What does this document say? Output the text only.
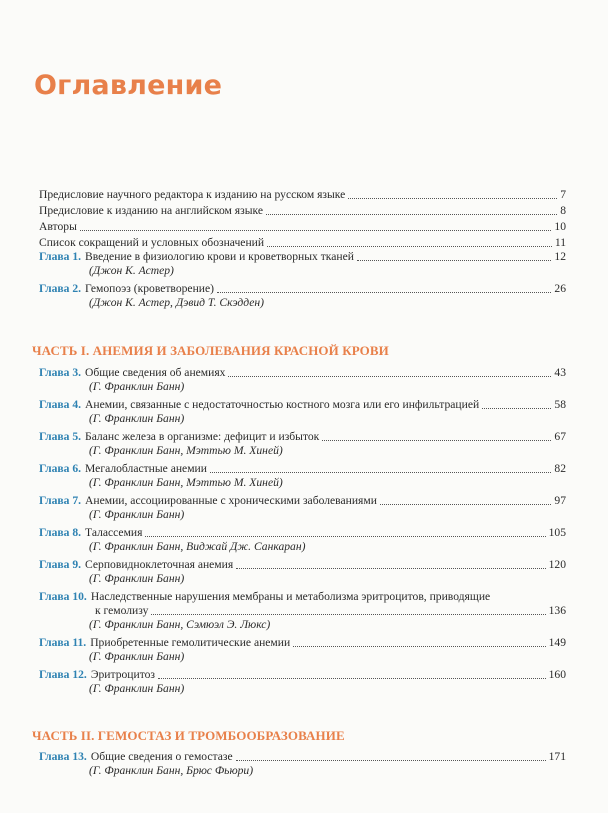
Оглавление
Предисловие научного редактора к изданию на русском языке	7
Предисловие к изданию на английском языке	8
Авторы	10
Список сокращений и условных обозначений	11
Глава 1. Введение в физиологию крови и кроветворных тканей	12
(Джон К. Астер)
Глава 2. Гемопоэз (кроветворение)	26
(Джон К. Астер, Дэвид Т. Скэдден)
ЧАСТЬ I. АНЕМИЯ И ЗАБОЛЕВАНИЯ КРАСНОЙ КРОВИ
Глава 3. Общие сведения об анемиях	43
(Г. Франклин Банн)
Глава 4. Анемии, связанные с недостаточностью костного мозга или его инфильтрацией	58
(Г. Франклин Банн)
Глава 5. Баланс железа в организме: дефицит и избыток	67
(Г. Франклин Банн, Мэттью М. Хиней)
Глава 6. Мегалобластные анемии	82
(Г. Франклин Банн, Мэттью М. Хиней)
Глава 7. Анемии, ассоциированные с хроническими заболеваниями	97
(Г. Франклин Банн)
Глава 8. Талассемия	105
(Г. Франклин Банн, Виджай Дж. Санкаран)
Глава 9. Серповидноклеточная анемия	120
(Г. Франклин Банн)
Глава 10. Наследственные нарушения мембраны и метаболизма эритроцитов, приводящие
к гемолизу	136
(Г. Франклин Банн, Сэмюэл Э. Люкс)
Глава 11. Приобретенные гемолитические анемии	149
(Г. Франклин Банн)
Глава 12. Эритроцитоз	160
(Г. Франклин Банн)
ЧАСТЬ II. ГЕМОСТАЗ И ТРОМБООБРАЗОВАНИЕ
Глава 13. Общие сведения о гемостазе	171
(Г. Франклин Банн, Брюс Фьюри)
